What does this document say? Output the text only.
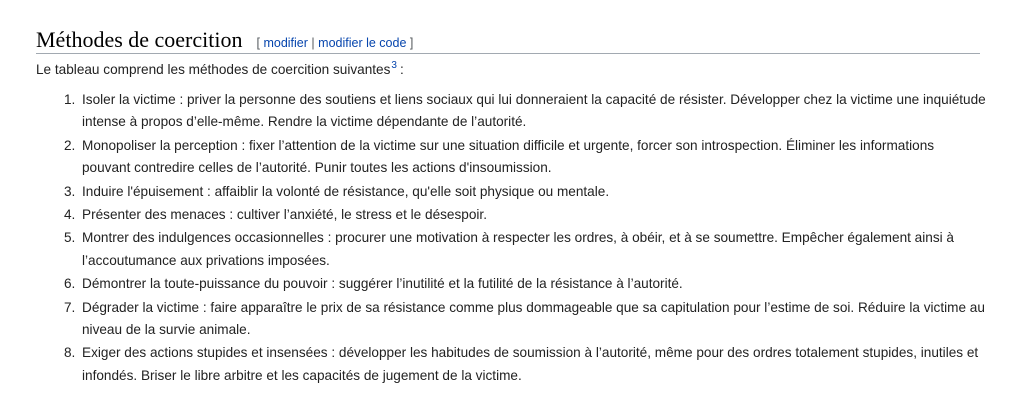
Méthodes de coercition [ modifier | modifier le code ]

Le tableau comprend les méthodes de coercition suivantes$^3$ :

1. Isoler la victime : priver la personne des soutiens et liens sociaux qui lui donneraient la capacité de résister. Développer chez la victime une inquiétude intense à propos d’elle-même. Rendre la victime dépendante de l’autorité.
2. Monopoliser la perception : fixer l’attention de la victime sur une situation difficile et urgente, forcer son introspection. Éliminer les informations pouvant contredire celles de l’autorité. Punir toutes les actions d'insoumission.
3. Induire l'épuisement : affaiblir la volonté de résistance, qu'elle soit physique ou mentale.
4. Présenter des menaces : cultiver l’anxiété, le stress et le désespoir.
5. Montrer des indulgences occasionnelles : procurer une motivation à respecter les ordres, à obéir, et à se soumettre. Empêcher également ainsi à l’accoutumance aux privations imposées.
6. Démontrer la toute-puissance du pouvoir : suggérer l’inutilité et la futilité de la résistance à l’autorité.
7. Dégrader la victime : faire apparaître le prix de sa résistance comme plus dommageable que sa capitulation pour l’estime de soi. Réduire la victime au niveau de la survie animale.
8. Exiger des actions stupides et insensées : développer les habitudes de soumission à l’autorité, même pour des ordres totalement stupides, inutiles et infondés. Briser le libre arbitre et les capacités de jugement de la victime.
